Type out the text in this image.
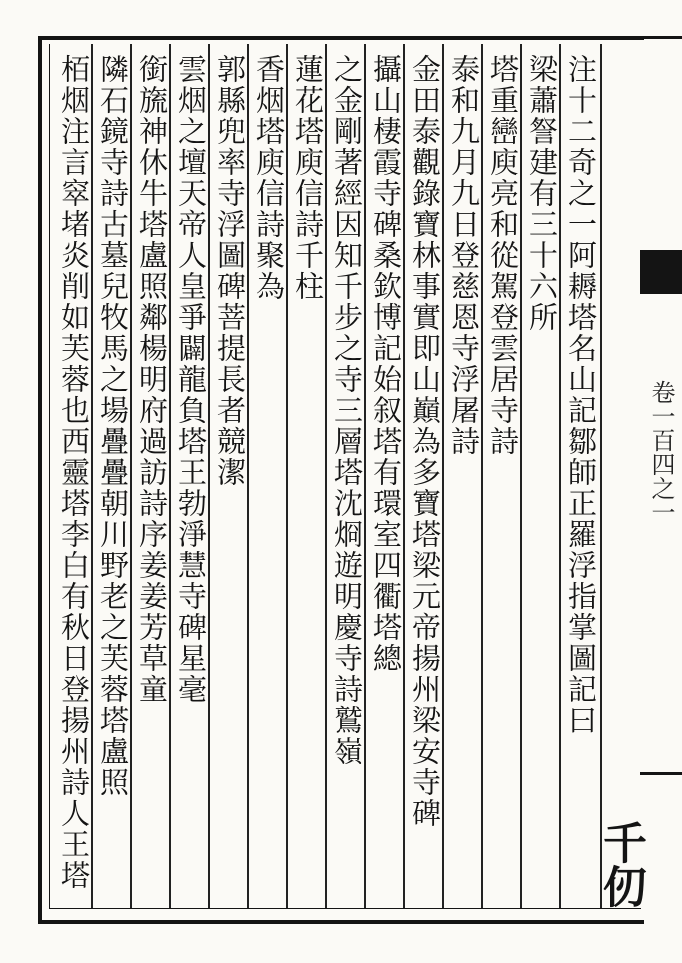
卷一百四之一
千仞
注十二奇之一阿耨塔名山記鄒師正羅浮指掌圖記曰
梁蕭詧建有三十六所
塔重巒庾亮和從駕登雲居寺詩
泰和九月九日登慈恩寺浮屠詩
金田泰觀錄寶林事實即山巔為多寶塔梁元帝揚州梁安寺碑
攝山棲霞寺碑桑欽博記始叙塔有環室四衢塔總
之金剛著經因知千步之寺三層塔沈烱遊明慶寺詩鷲嶺
蓮花塔庾信詩千柱
香烟塔庾信詩聚為
郭縣兜率寺浮圖碑菩提長者競潔
雲烟之壇天帝人皇爭闢龍負塔王勃淨慧寺碑星毫
銜旒神休牛塔盧照鄰楊明府過訪詩序姜姜芳草童
隣石鏡寺詩古墓兒牧馬之場疊疊朝川野老之芙蓉塔盧照
栢烟注言窣堵炎削如芙蓉也西靈塔李白有秋日登揚州詩人王塔
